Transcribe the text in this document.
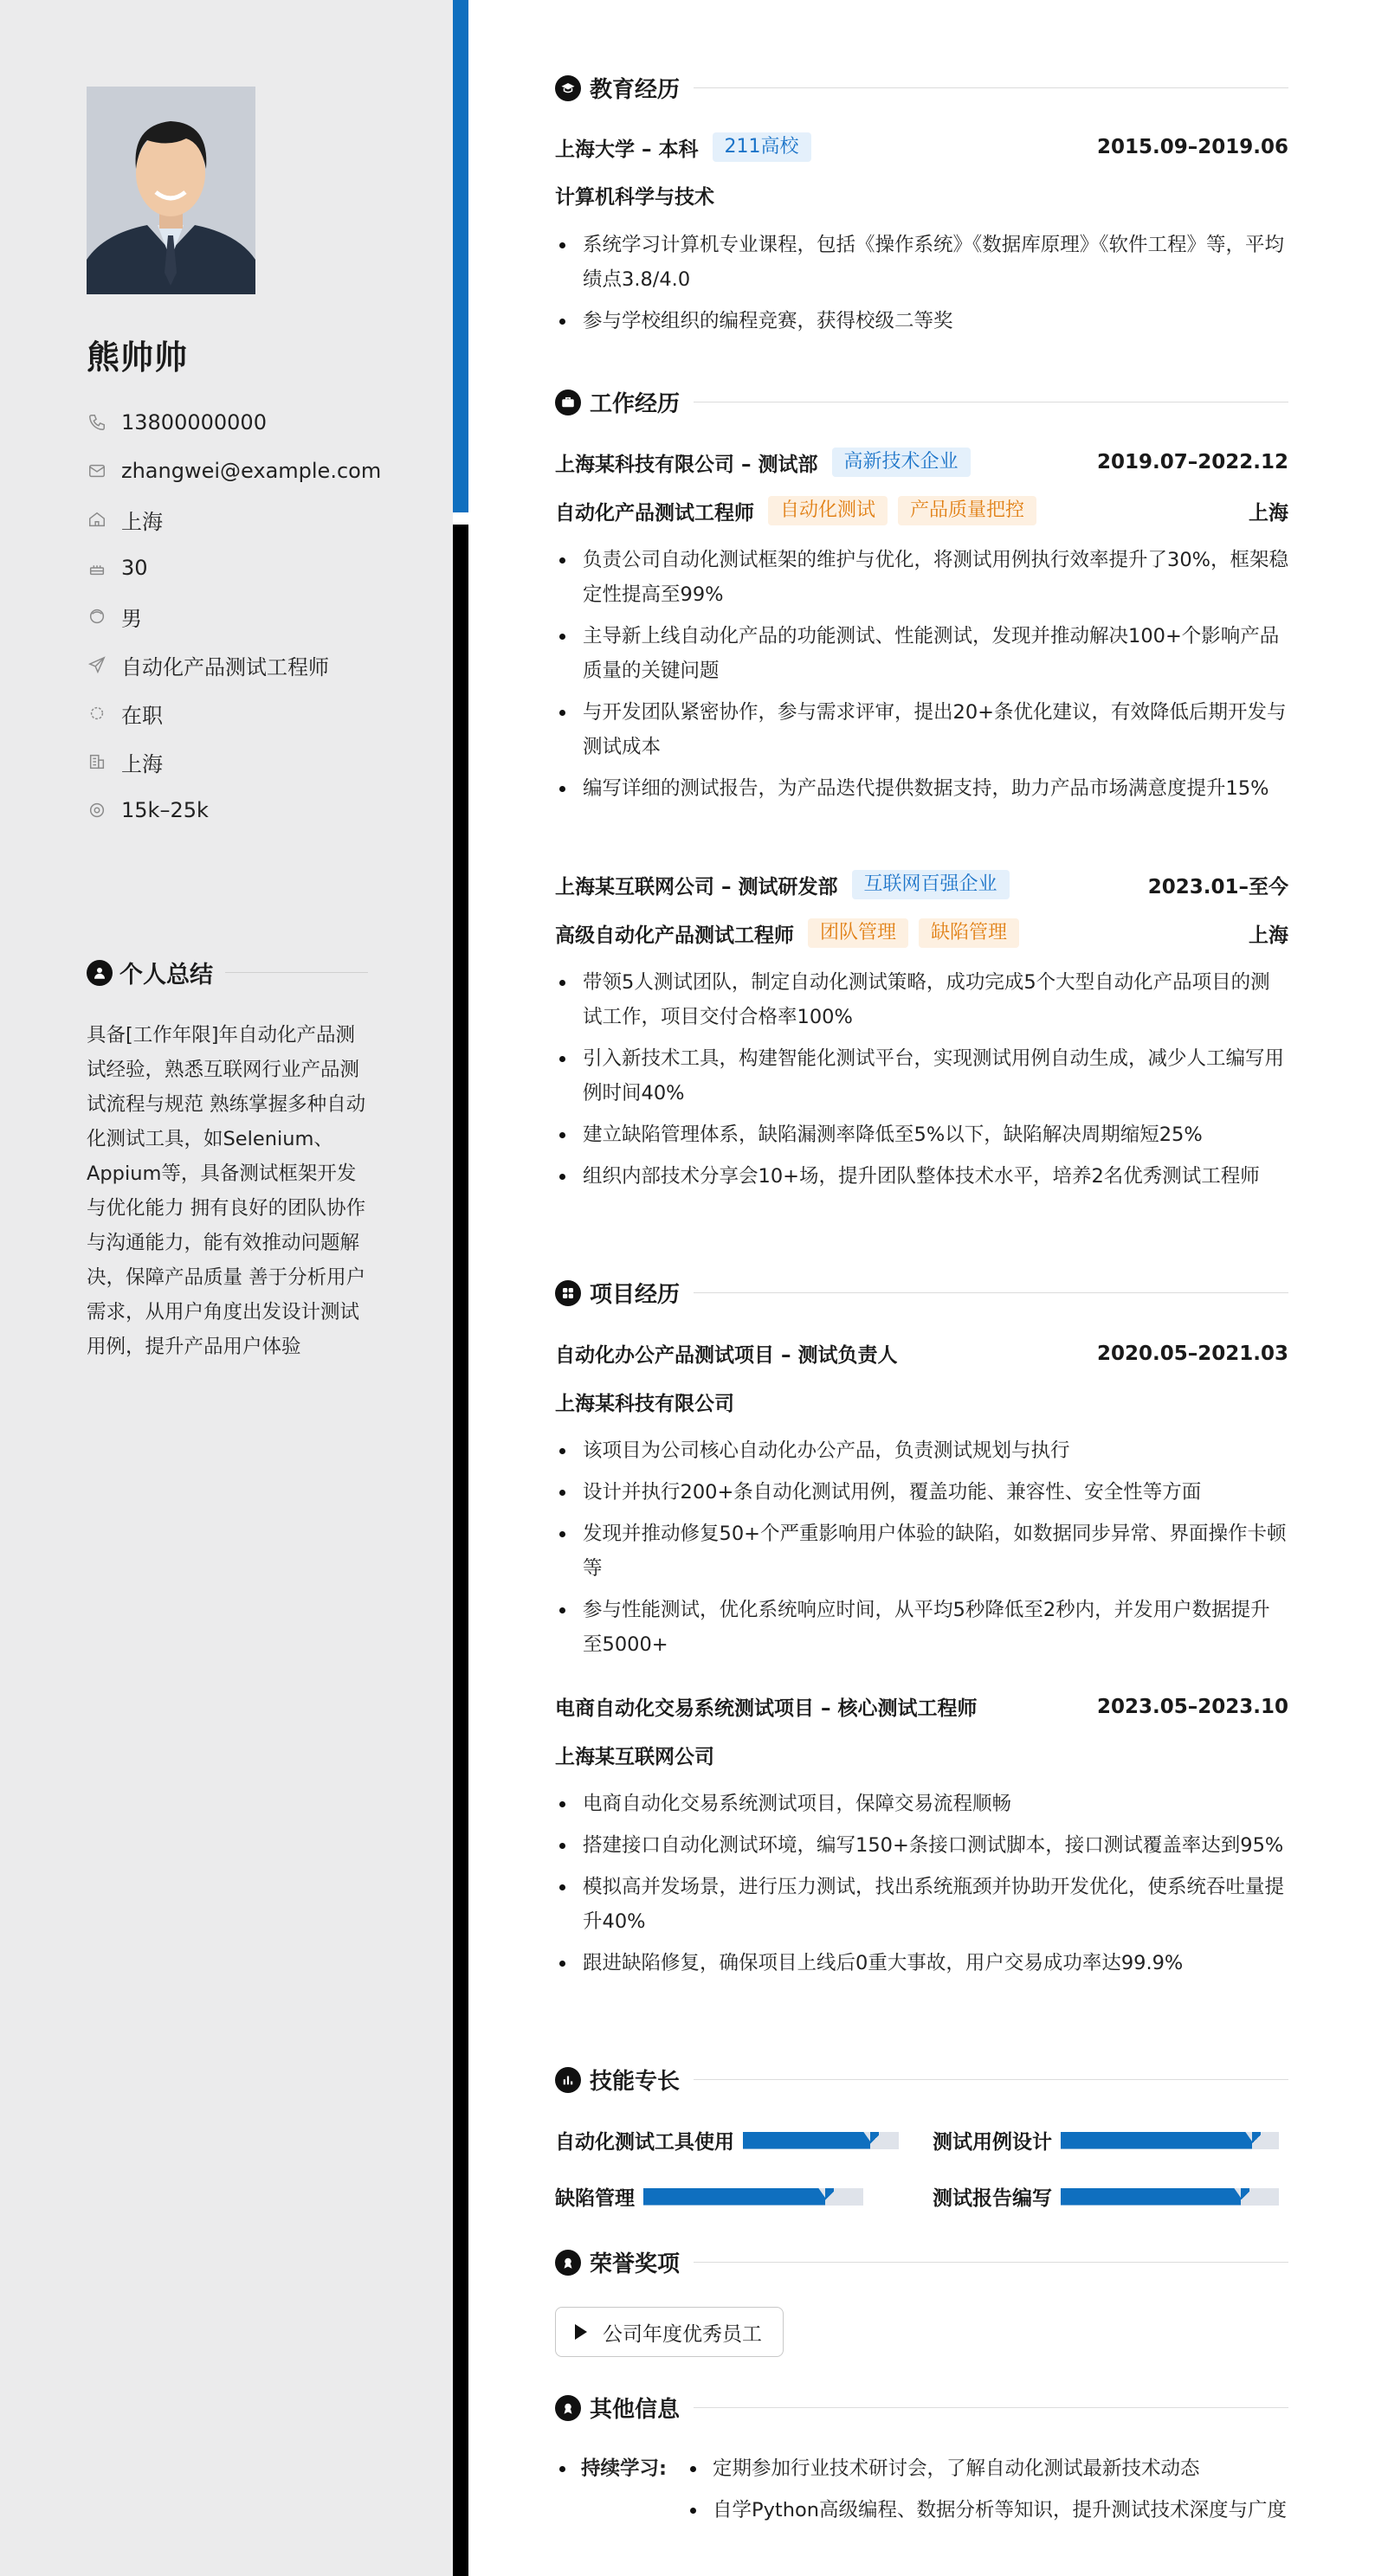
熊帅帅
13800000000
zhangwei@example.com
上海
30
男
自动化产品测试工程师
在职
上海
15k–25k
个人总结
具备[工作年限]年自动化产品测试经验，熟悉互联网行业产品测试流程与规范 熟练掌握多种自动化测试工具，如Selenium、Appium等，具备测试框架开发与优化能力 拥有良好的团队协作与沟通能力，能有效推动问题解决，保障产品质量 善于分析用户需求，从用户角度出发设计测试用例，提升产品用户体验
教育经历
上海大学 – 本科	211高校	2015.09–2019.06
计算机科学与技术
系统学习计算机专业课程，包括《操作系统》《数据库原理》《软件工程》等，平均绩点3.8/4.0
参与学校组织的编程竞赛，获得校级二等奖
工作经历
上海某科技有限公司 – 测试部	高新技术企业	2019.07–2022.12
自动化产品测试工程师	自动化测试	产品质量把控	上海
负责公司自动化测试框架的维护与优化，将测试用例执行效率提升了30%，框架稳定性提高至99%
主导新上线自动化产品的功能测试、性能测试，发现并推动解决100+个影响产品质量的关键问题
与开发团队紧密协作，参与需求评审，提出20+条优化建议，有效降低后期开发与测试成本
编写详细的测试报告，为产品迭代提供数据支持，助力产品市场满意度提升15%
上海某互联网公司 – 测试研发部	互联网百强企业	2023.01–至今
高级自动化产品测试工程师	团队管理	缺陷管理	上海
带领5人测试团队，制定自动化测试策略，成功完成5个大型自动化产品项目的测试工作，项目交付合格率100%
引入新技术工具，构建智能化测试平台，实现测试用例自动生成，减少人工编写用例时间40%
建立缺陷管理体系，缺陷漏测率降低至5%以下，缺陷解决周期缩短25%
组织内部技术分享会10+场，提升团队整体技术水平，培养2名优秀测试工程师
项目经历
自动化办公产品测试项目 – 测试负责人	2020.05–2021.03
上海某科技有限公司
该项目为公司核心自动化办公产品，负责测试规划与执行
设计并执行200+条自动化测试用例，覆盖功能、兼容性、安全性等方面
发现并推动修复50+个严重影响用户体验的缺陷，如数据同步异常、界面操作卡顿等
参与性能测试，优化系统响应时间，从平均5秒降低至2秒内，并发用户数据提升至5000+
电商自动化交易系统测试项目 – 核心测试工程师	2023.05–2023.10
上海某互联网公司
电商自动化交易系统测试项目，保障交易流程顺畅
搭建接口自动化测试环境，编写150+条接口测试脚本，接口测试覆盖率达到95%
模拟高并发场景，进行压力测试，找出系统瓶颈并协助开发优化，使系统吞吐量提升40%
跟进缺陷修复，确保项目上线后0重大事故，用户交易成功率达99.9%
技能专长
自动化测试工具使用	测试用例设计
缺陷管理	测试报告编写
荣誉奖项
公司年度优秀员工
其他信息
持续学习:	定期参加行业技术研讨会，了解自动化测试最新技术动态
自学Python高级编程、数据分析等知识，提升测试技术深度与广度
